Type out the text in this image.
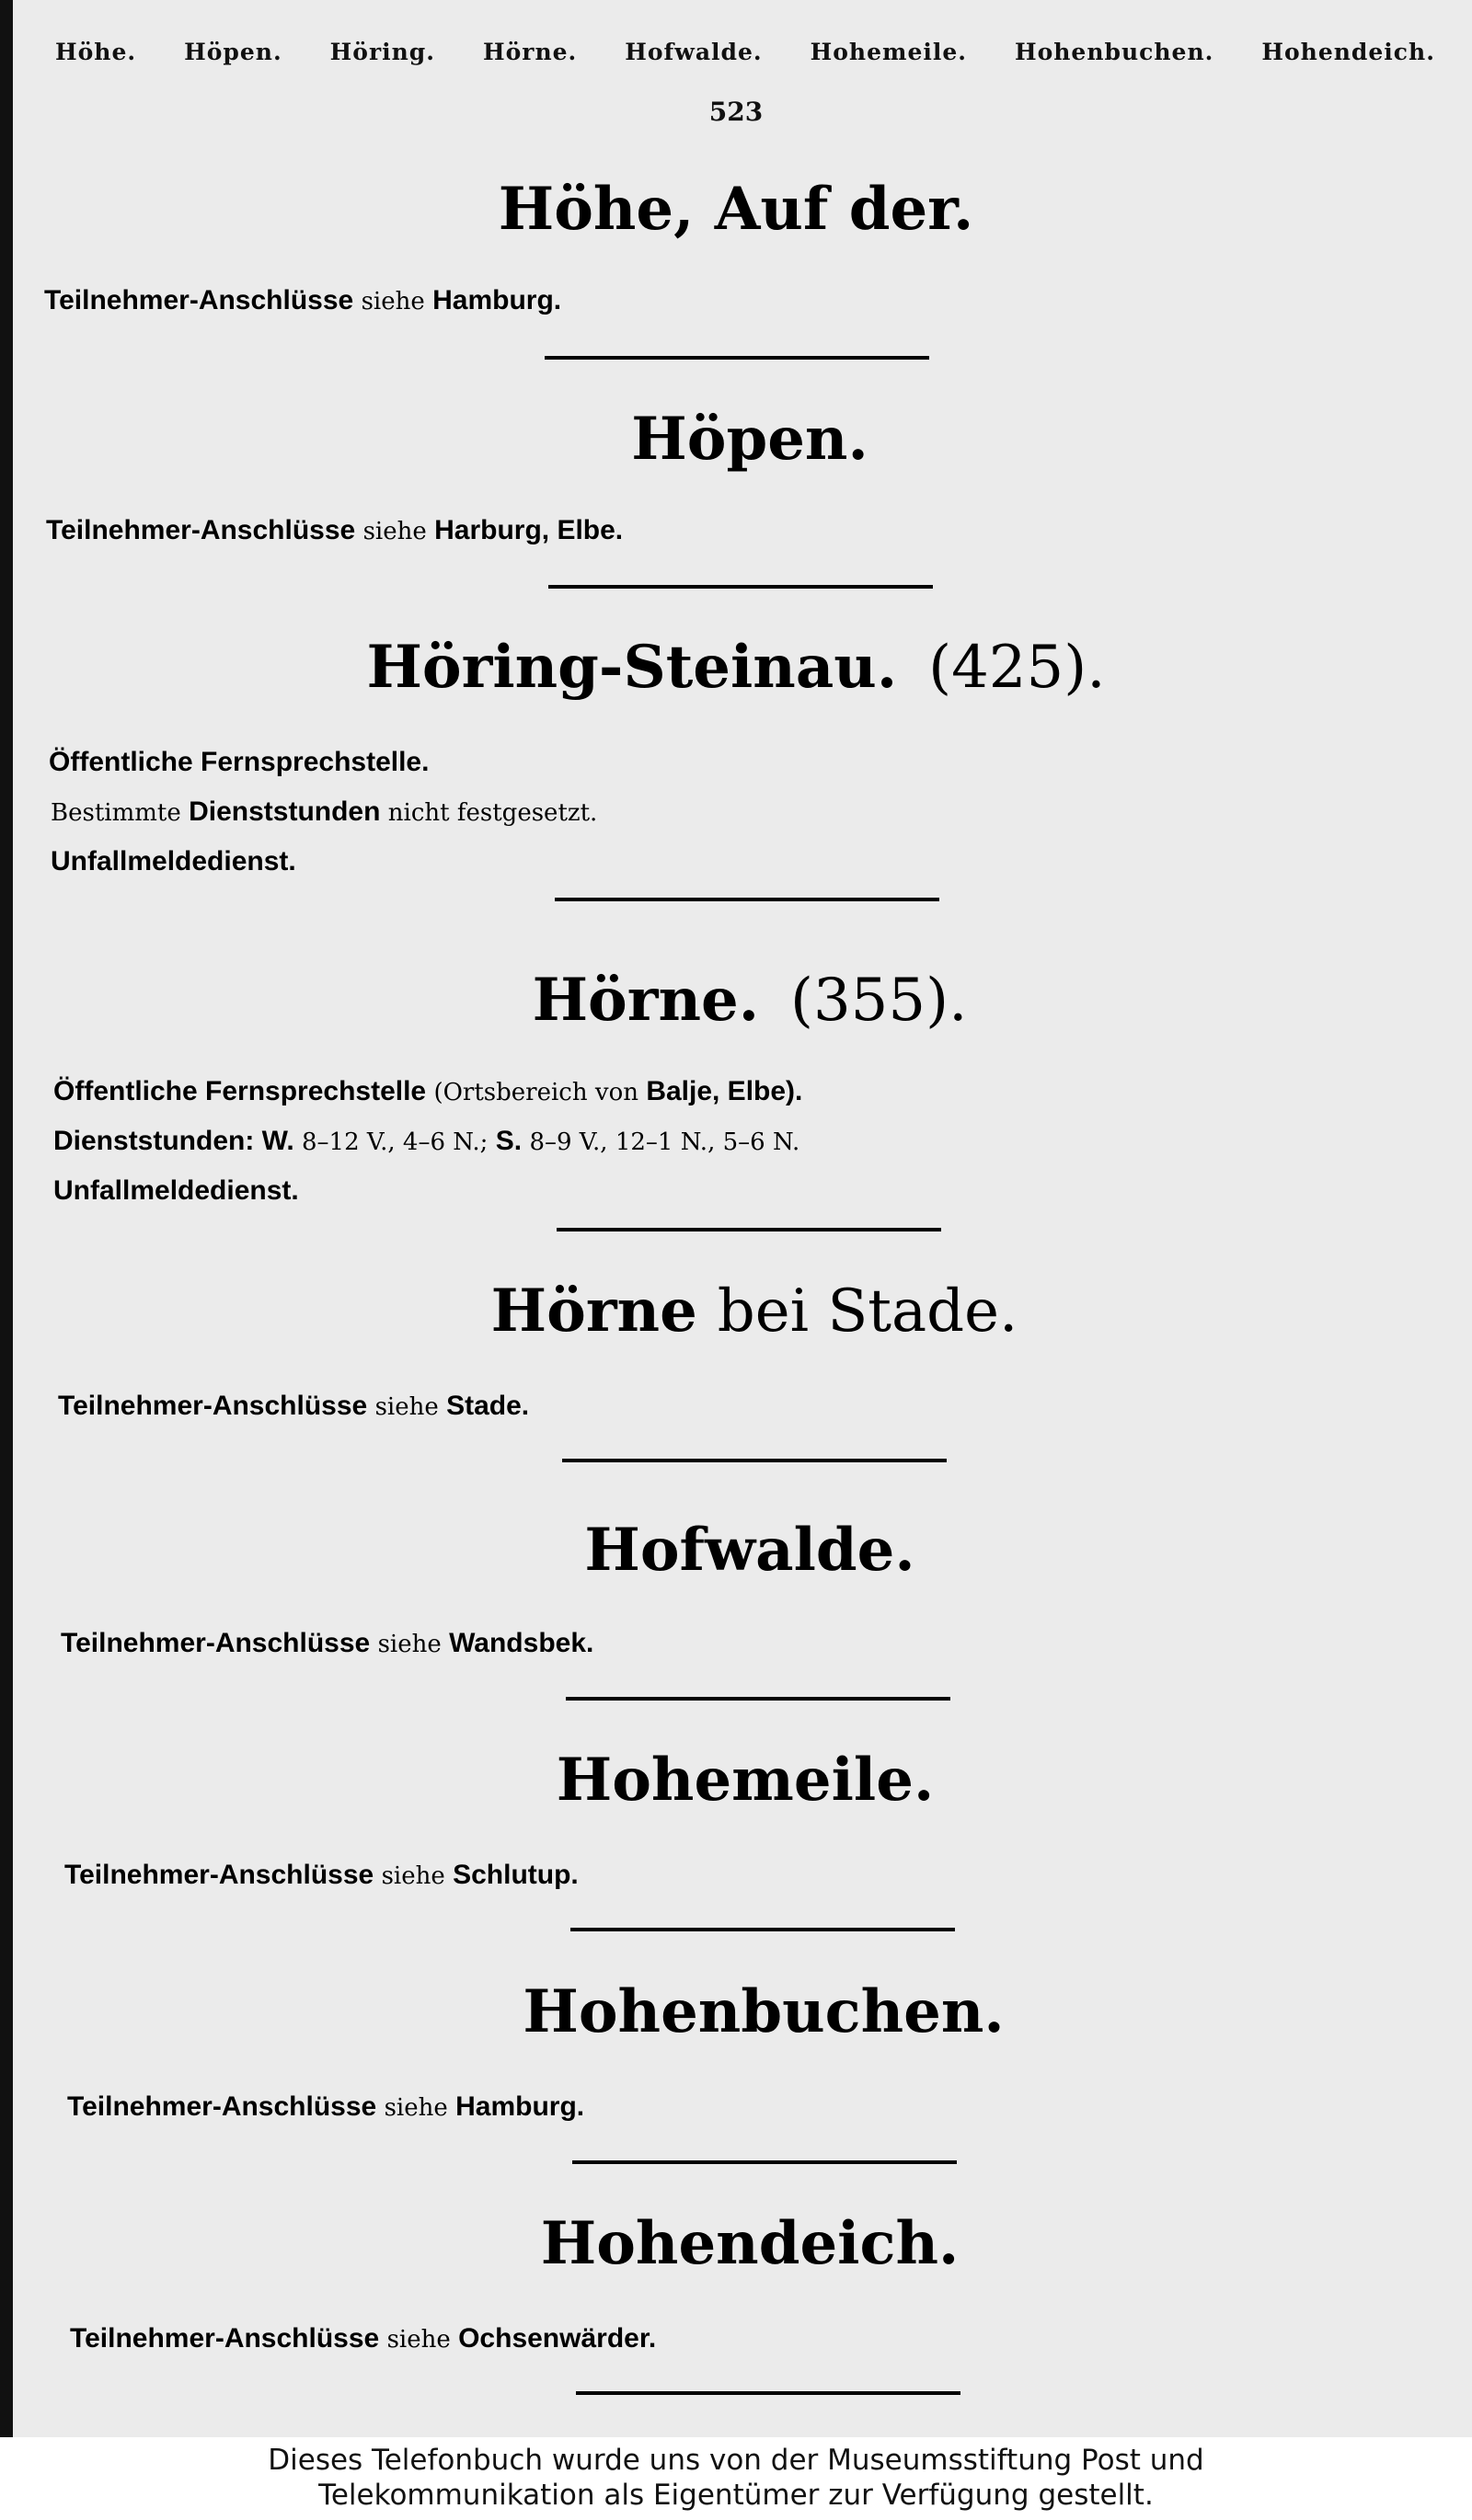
Höhe. Höpen. Höring. Hörne. Hofwalde. Hohemeile. Hohenbuchen. Hohendeich.
523
Höhe, Auf der.
Teilnehmer-Anschlüsse siehe Hamburg.
Höpen.
Teilnehmer-Anschlüsse siehe Harburg, Elbe.
Höring-Steinau. (425).
Öffentliche Fernsprechstelle.
Bestimmte Dienststunden nicht festgesetzt.
Unfallmeldedienst.
Hörne. (355).
Öffentliche Fernsprechstelle (Ortsbereich von Balje, Elbe).
Dienststunden: W. 8–12 V., 4–6 N.; S. 8–9 V., 12–1 N., 5–6 N.
Unfallmeldedienst.
Hörne bei Stade.
Teilnehmer-Anschlüsse siehe Stade.
Hofwalde.
Teilnehmer-Anschlüsse siehe Wandsbek.
Hohemeile.
Teilnehmer-Anschlüsse siehe Schlutup.
Hohenbuchen.
Teilnehmer-Anschlüsse siehe Hamburg.
Hohendeich.
Teilnehmer-Anschlüsse siehe Ochsenwärder.
Dieses Telefonbuch wurde uns von der Museumsstiftung Post und
Telekommunikation als Eigentümer zur Verfügung gestellt.
